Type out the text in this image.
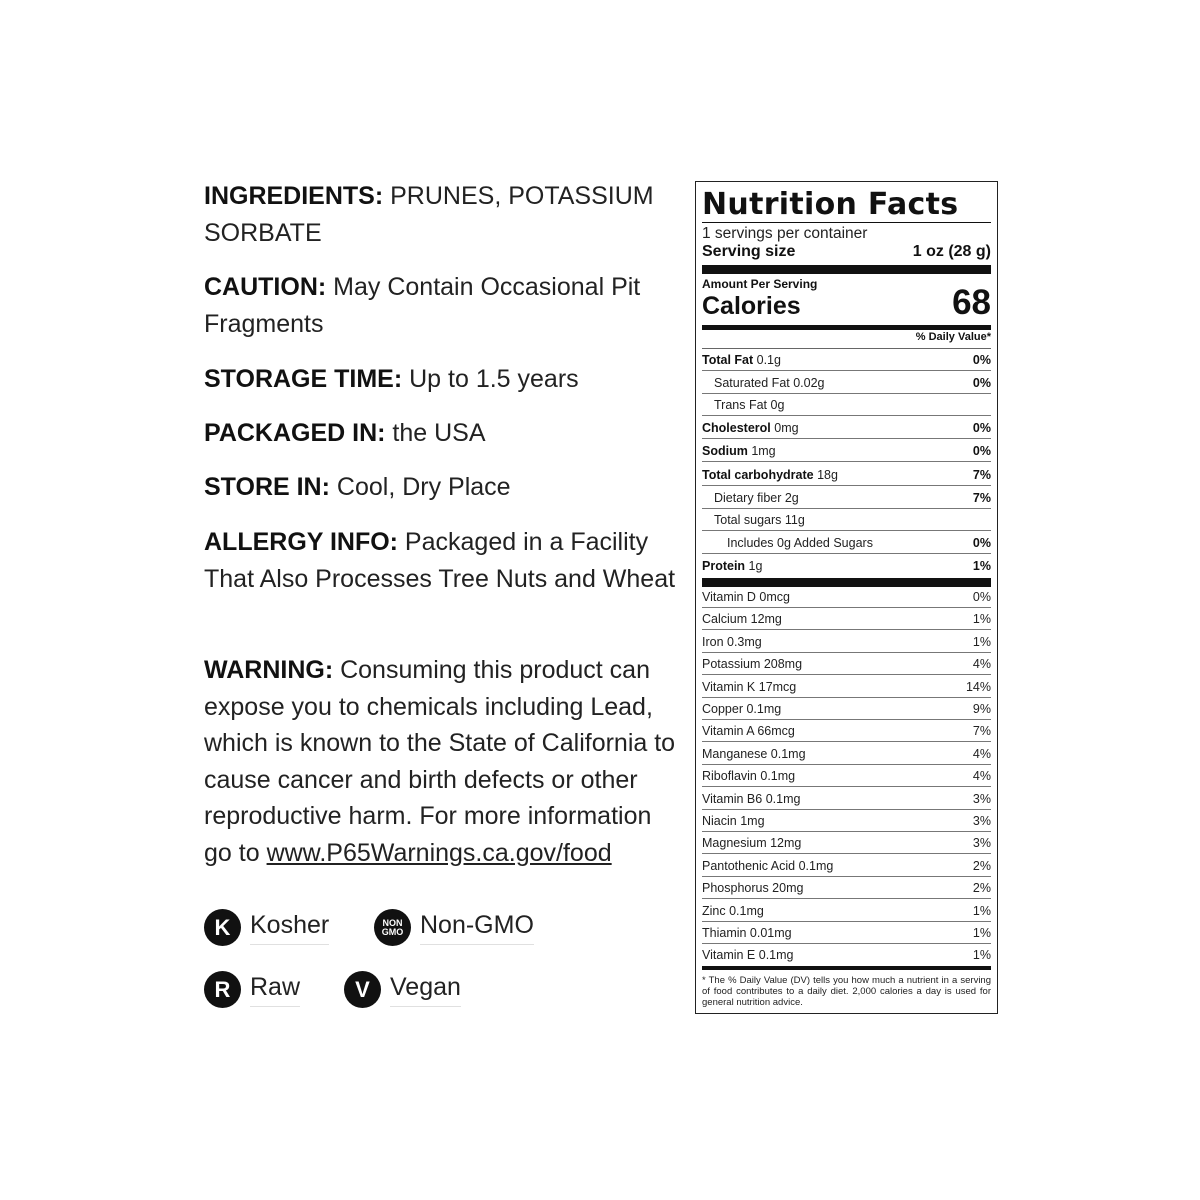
INGREDIENTS: PRUNES, POTASSIUM SORBATE

CAUTION: May Contain Occasional Pit Fragments

STORAGE TIME: Up to 1.5 years

PACKAGED IN: the USA

STORE IN: Cool, Dry Place

ALLERGY INFO: Packaged in a Facility That Also Processes Tree Nuts and Wheat

WARNING: Consuming this product can expose you to chemicals including Lead, which is known to the State of California to cause cancer and birth defects or other reproductive harm. For more information go to www.P65Warnings.ca.gov/food

K Kosher	NON
GMO Non-GMO
R Raw	V Vegan
Nutrition Facts
1 servings per container
Serving size	1 oz (28 g)
Amount Per Serving
Calories	68
% Daily Value*
Total Fat 0.1g	0%
Saturated Fat 0.02g	0%
Trans Fat 0g
Cholesterol 0mg	0%
Sodium 1mg	0%
Total carbohydrate 18g	7%
Dietary fiber 2g	7%
Total sugars 11g
Includes 0g Added Sugars	0%
Protein 1g	1%
Vitamin D 0mcg	0%
Calcium 12mg	1%
Iron 0.3mg	1%
Potassium 208mg	4%
Vitamin K 17mcg	14%
Copper 0.1mg	9%
Vitamin A 66mcg	7%
Manganese 0.1mg	4%
Riboflavin 0.1mg	4%
Vitamin B6 0.1mg	3%
Niacin 1mg	3%
Magnesium 12mg	3%
Pantothenic Acid 0.1mg	2%
Phosphorus 20mg	2%
Zinc 0.1mg	1%
Thiamin 0.01mg	1%
Vitamin E 0.1mg	1%
* The % Daily Value (DV) tells you how much a nutrient in a serving of food contributes to a daily diet. 2,000 calories a day is used for general nutrition advice.
